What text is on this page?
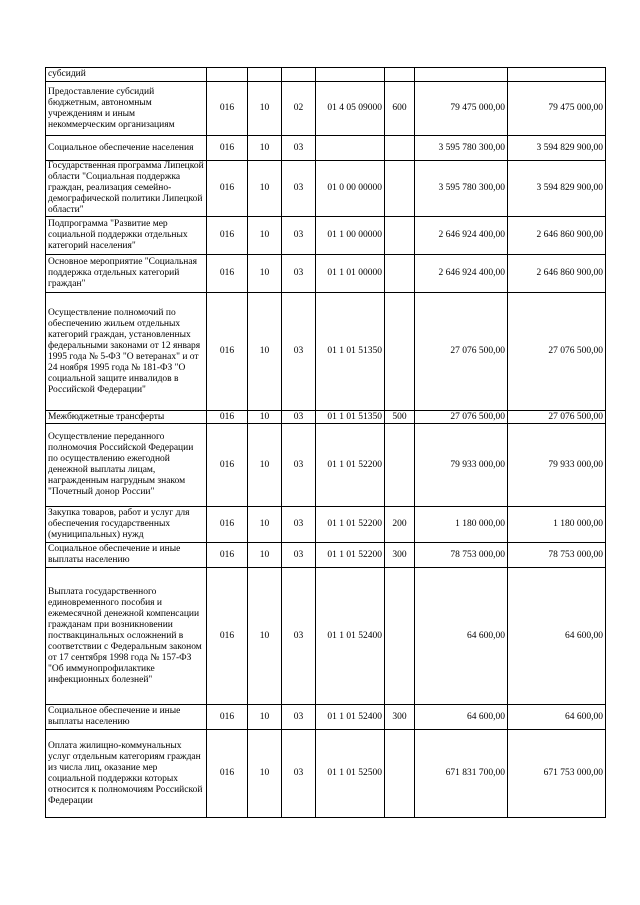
субсидий							
Предоставление субсидий бюджетным, автономным учреждениям и иным некоммерческим организациям	016	10	02	01 4 05 09000	600	79 475 000,00	79 475 000,00
Социальное обеспечение населения	016	10	03			3 595 780 300,00	3 594 829 900,00
Государственная программа Липецкой области "Социальная поддержка граждан, реализация семейно-демографической политики Липецкой области"	016	10	03	01 0 00 00000		3 595 780 300,00	3 594 829 900,00
Подпрограмма "Развитие мер социальной поддержки отдельных категорий населения"	016	10	03	01 1 00 00000		2 646 924 400,00	2 646 860 900,00
Основное мероприятие "Социальная поддержка отдельных категорий граждан"	016	10	03	01 1 01 00000		2 646 924 400,00	2 646 860 900,00
Осуществление полномочий по обеспечению жильем отдельных категорий граждан, установленных федеральными законами от 12 января 1995 года № 5-ФЗ "О ветеранах" и от 24 ноября 1995 года № 181-ФЗ "О социальной защите инвалидов в Российской Федерации"	016	10	03	01 1 01 51350		27 076 500,00	27 076 500,00
Межбюджетные трансферты	016	10	03	01 1 01 51350	500	27 076 500,00	27 076 500,00
Осуществление переданного полномочия Российской Федерации по осуществлению ежегодной денежной выплаты лицам, награжденным нагрудным знаком "Почетный донор России"	016	10	03	01 1 01 52200		79 933 000,00	79 933 000,00
Закупка товаров, работ и услуг для обеспечения государственных (муниципальных) нужд	016	10	03	01 1 01 52200	200	1 180 000,00	1 180 000,00
Социальное обеспечение и иные выплаты населению	016	10	03	01 1 01 52200	300	78 753 000,00	78 753 000,00
Выплата государственного единовременного пособия и ежемесячной денежной компенсации гражданам при возникновении поствакцинальных осложнений в соответствии с Федеральным законом от 17 сентября 1998 года № 157-ФЗ "Об иммунопрофилактике инфекционных болезней"	016	10	03	01 1 01 52400		64 600,00	64 600,00
Социальное обеспечение и иные выплаты населению	016	10	03	01 1 01 52400	300	64 600,00	64 600,00
Оплата жилищно-коммунальных услуг отдельным категориям граждан из числа лиц, оказание мер социальной поддержки которых относится к полномочиям Российской Федерации	016	10	03	01 1 01 52500		671 831 700,00	671 753 000,00
